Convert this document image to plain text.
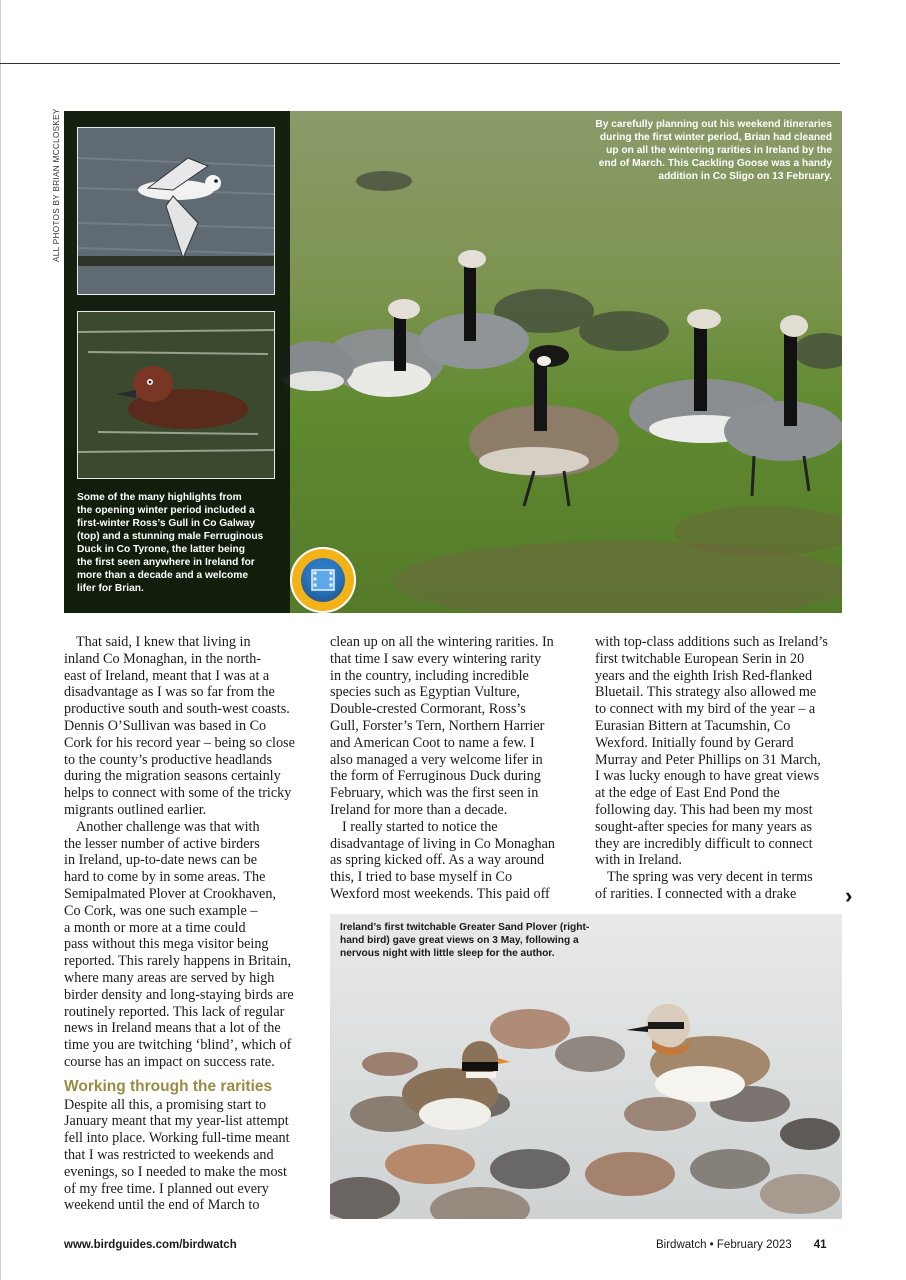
ALL PHOTOS BY BRIAN MCCLOSKEY
Some of the many highlights from
the opening winter period included a
first-winter Ross’s Gull in Co Galway
(top) and a stunning male Ferruginous
Duck in Co Tyrone, the latter being
the first seen anywhere in Ireland for
more than a decade and a welcome
lifer for Brian.
By carefully planning out his weekend itineraries
during the first winter period, Brian had cleaned
up on all the wintering rarities in Ireland by the
end of March. This Cackling Goose was a handy
addition in Co Sligo on 13 February.

That said, I knew that living in
inland Co Monaghan, in the north-
east of Ireland, meant that I was at a
disadvantage as I was so far from the
productive south and south-west coasts.
Dennis O’Sullivan was based in Co
Cork for his record year – being so close
to the county’s productive headlands
during the migration seasons certainly
helps to connect with some of the tricky
migrants outlined earlier.

Another challenge was that with
the lesser number of active birders
in Ireland, up-to-date news can be
hard to come by in some areas. The
Semipalmated Plover at Crookhaven,
Co Cork, was one such example –
a month or more at a time could
pass without this mega visitor being
reported. This rarely happens in Britain,
where many areas are served by high
birder density and long-staying birds are
routinely reported. This lack of regular
news in Ireland means that a lot of the
time you are twitching ‘blind’, which of
course has an impact on success rate.

Working through the rarities

Despite all this, a promising start to
January meant that my year-list attempt
fell into place. Working full-time meant
that I was restricted to weekends and
evenings, so I needed to make the most
of my free time. I planned out every
weekend until the end of March to

clean up on all the wintering rarities. In
that time I saw every wintering rarity
in the country, including incredible
species such as Egyptian Vulture,
Double-crested Cormorant, Ross’s
Gull, Forster’s Tern, Northern Harrier
and American Coot to name a few. I
also managed a very welcome lifer in
the form of Ferruginous Duck during
February, which was the first seen in
Ireland for more than a decade.

I really started to notice the
disadvantage of living in Co Monaghan
as spring kicked off. As a way around
this, I tried to base myself in Co
Wexford most weekends. This paid off

with top-class additions such as Ireland’s
first twitchable European Serin in 20
years and the eighth Irish Red-flanked
Bluetail. This strategy also allowed me
to connect with my bird of the year – a
Eurasian Bittern at Tacumshin, Co
Wexford. Initially found by Gerard
Murray and Peter Phillips on 31 March,
I was lucky enough to have great views
at the edge of East End Pond the
following day. This had been my most
sought-after species for many years as
they are incredibly difficult to connect
with in Ireland.

The spring was very decent in terms
of rarities. I connected with a drake	›
Ireland’s first twitchable Greater Sand Plover (right-
hand bird) gave great views on 3 May, following a
nervous night with little sleep for the author.
www.birdguides.com/birdwatch	Birdwatch • February 2023 41
